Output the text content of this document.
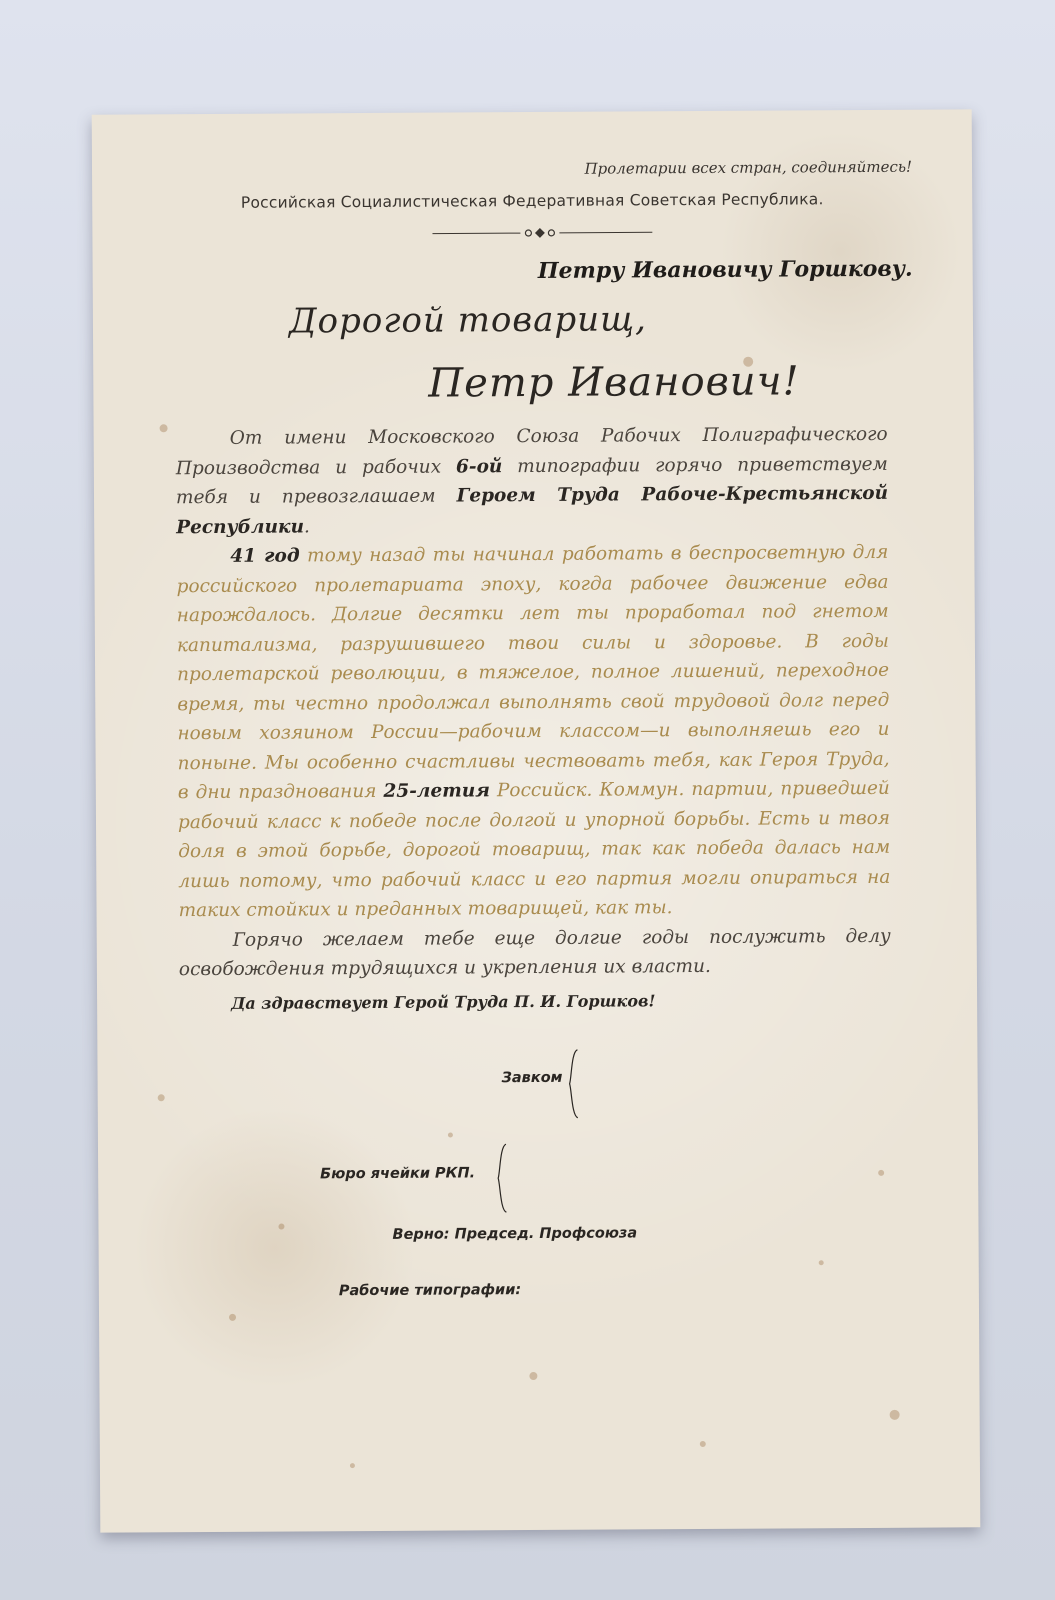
Пролетарии всех стран, соединяйтесь!
Российская Социалистическая Федеративная Советская Республика.
Петру Ивановичу Горшкову.
Дорогой товарищ,
Петр Иванович!

От имени Московского Союза Рабочих Полиграфического Производства и рабочих 6-ой типографии горячо приветствуем тебя и превозглашаем Героем Труда Рабоче-Крестьянской Республики.

41 год тому назад ты начинал работать в беспросветную для российского пролетариата эпоху, когда рабочее движение едва нарождалось. Долгие десятки лет ты проработал под гнетом капитализма, разрушившего твои силы и здоровье. В годы пролетарской революции, в тяжелое, полное лишений, переходное время, ты честно продолжал выполнять свой трудовой долг перед новым хозяином России—рабочим классом—и выполняешь его и поныне. Мы особенно счастливы чествовать тебя, как Героя Труда, в дни празднования 25-летия Российск. Коммун. партии, приведшей рабочий класс к победе после долгой и упорной борьбы. Есть и твоя доля в этой борьбе, дорогой товарищ, так как победа далась нам лишь потому, что рабочий класс и его партия могли опираться на таких стойких и преданных товарищей, как ты.

Горячо желаем тебе еще долгие годы послужить делу освобождения трудящихся и укрепления их власти.

Да здравствует Герой Труда П. И. Горшков!
Завком
Бюро ячейки РКП.
Верно: Председ. Профсоюза
Рабочие типографии:
